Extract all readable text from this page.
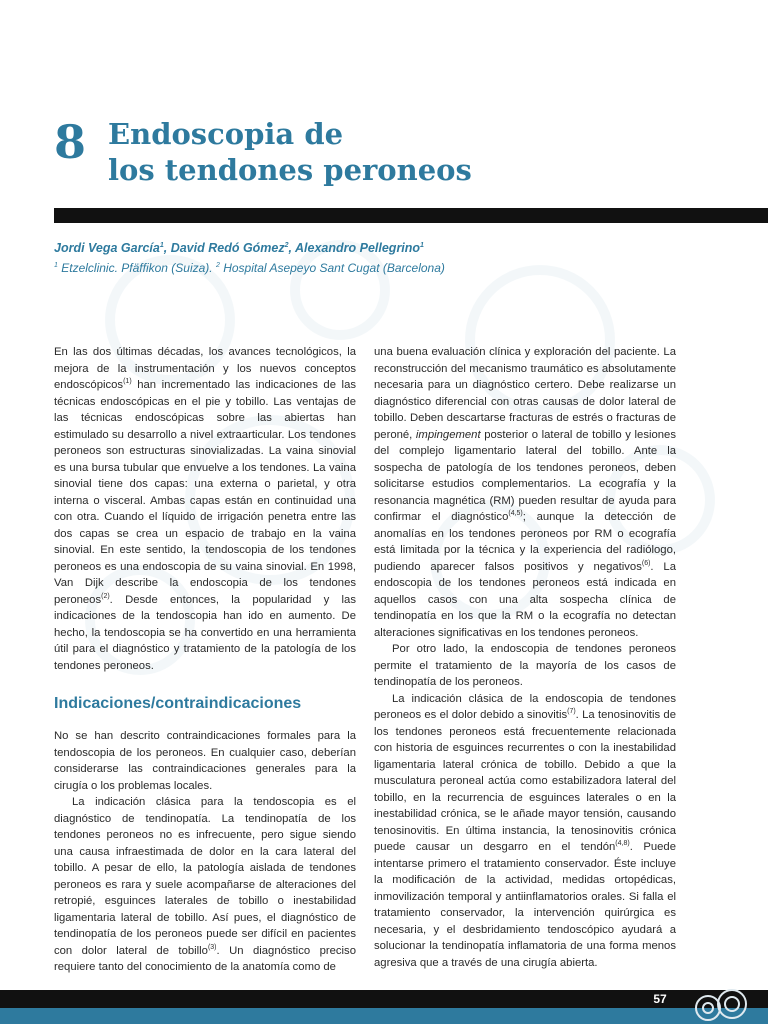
8 Endoscopia de
los tendones peroneos
Jordi Vega García$^1$, David Redó Gómez$^2$, Alexandro Pellegrino$^1$
$^1$ Etzelclinic. Pfäffikon (Suiza). $^2$ Hospital Asepeyo Sant Cugat (Barcelona)

En las dos últimas décadas, los avances tecnológicos, la mejora de la instrumentación y los nuevos conceptos endoscópicos$^{(1)}$ han incrementado las indicaciones de las técnicas endoscópicas en el pie y tobillo. Las ventajas de las técnicas endoscópicas sobre las abiertas han estimulado su desarrollo a nivel extraarticular. Los tendones peroneos son estructuras sinovializadas. La vaina sinovial es una bursa tubular que envuelve a los tendones. La vaina sinovial tiene dos capas: una externa o parietal, y otra interna o visceral. Ambas capas están en continuidad una con otra. Cuando el líquido de irrigación penetra entre las dos capas se crea un espacio de trabajo en la vaina sinovial. En este sentido, la tendoscopia de los tendones peroneos es una endoscopia de su vaina sinovial. En 1998, Van Dijk describe la endoscopia de los tendones peroneos$^{(2)}$. Desde entonces, la popularidad y las indicaciones de la tendoscopia han ido en aumento. De hecho, la tendoscopia se ha convertido en una herramienta útil para el diagnóstico y tratamiento de la patología de los tendones peroneos.

Indicaciones/contraindicaciones

No se han descrito contraindicaciones formales para la tendoscopia de los peroneos. En cualquier caso, deberían considerarse las contraindicaciones generales para la cirugía o los problemas locales.

La indicación clásica para la tendoscopia es el diagnóstico de tendinopatía. La tendinopatía de los tendones peroneos no es infrecuente, pero sigue siendo una causa infraestimada de dolor en la cara lateral del tobillo. A pesar de ello, la patología aislada de tendones peroneos es rara y suele acompañarse de alteraciones del retropié, esguinces laterales de tobillo o inestabilidad ligamentaria lateral de tobillo. Así pues, el diagnóstico de tendinopatía de los peroneos puede ser difícil en pacientes con dolor lateral de tobillo$^{(3)}$. Un diagnóstico preciso requiere tanto del conocimiento de la anatomía como de

una buena evaluación clínica y exploración del paciente. La reconstrucción del mecanismo traumático es absolutamente necesaria para un diagnóstico certero. Debe realizarse un diagnóstico diferencial con otras causas de dolor lateral de tobillo. Deben descartarse fracturas de estrés o fracturas de peroné, impingement posterior o lateral de tobillo y lesiones del complejo ligamentario lateral del tobillo. Ante la sospecha de patología de los tendones peroneos, deben solicitarse estudios complementarios. La ecografía y la resonancia magnética (RM) pueden resultar de ayuda para confirmar el diagnóstico$^{(4,5)}$; aunque la detección de anomalías en los tendones peroneos por RM o ecografía está limitada por la técnica y la experiencia del radiólogo, pudiendo aparecer falsos positivos y negativos$^{(6)}$. La endoscopia de los tendones peroneos está indicada en aquellos casos con una alta sospecha clínica de tendinopatía en los que la RM o la ecografía no detectan alteraciones significativas en los tendones peroneos.

Por otro lado, la endoscopia de tendones peroneos permite el tratamiento de la mayoría de los casos de tendinopatía de los peroneos.

La indicación clásica de la endoscopia de tendones peroneos es el dolor debido a sinovitis$^{(7)}$. La tenosinovitis de los tendones peroneos está frecuentemente relacionada con historia de esguinces recurrentes o con la inestabilidad ligamentaria lateral crónica de tobillo. Debido a que la musculatura peroneal actúa como estabilizadora lateral del tobillo, en la recurrencia de esguinces laterales o en la inestabilidad crónica, se le añade mayor tensión, causando tenosinovitis. En última instancia, la tenosinovitis crónica puede causar un desgarro en el tendón$^{(4,8)}$. Puede intentarse primero el tratamiento conservador. Éste incluye la modificación de la actividad, medidas ortopédicas, inmovilización temporal y antiinflamatorios orales. Si falla el tratamiento conservador, la intervención quirúrgica es necesaria, y el desbridamiento tendoscópico ayudará a solucionar la tendinopatía inflamatoria de una forma menos agresiva que a través de una cirugía abierta.

57
